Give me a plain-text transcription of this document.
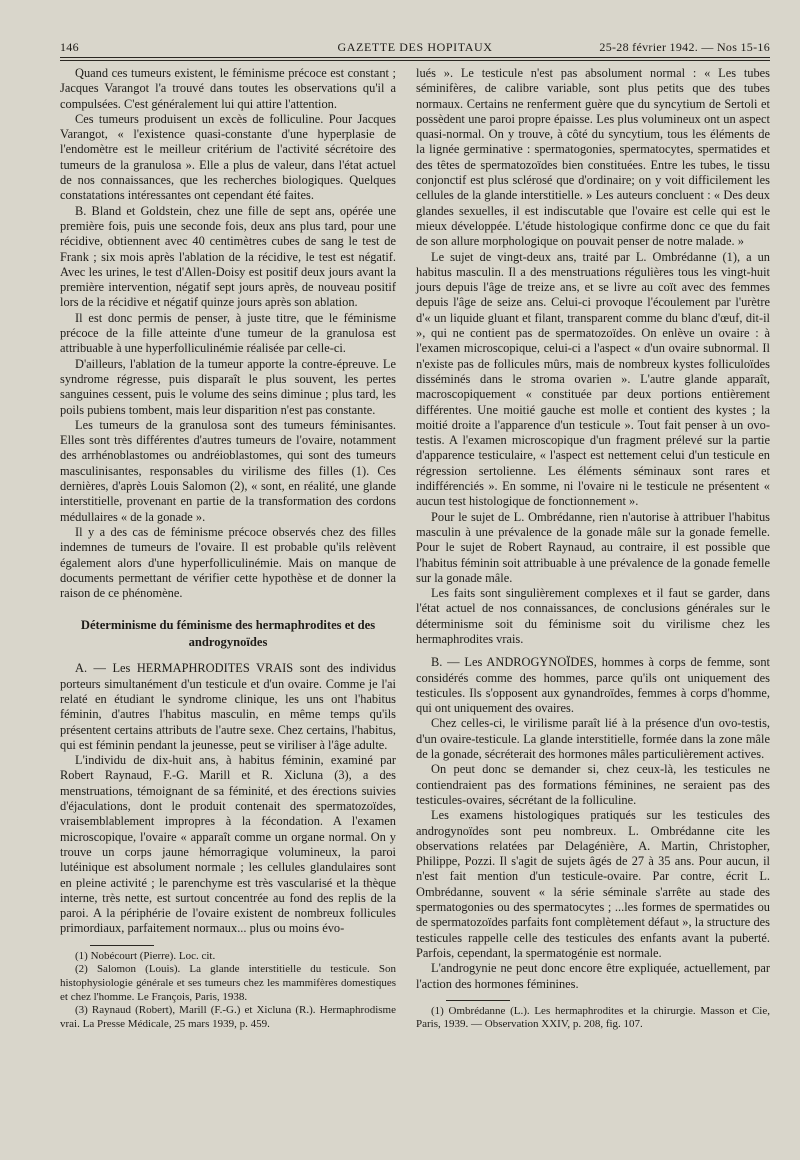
146	GAZETTE DES HOPITAUX	25-28 février 1942. — Nos 15-16

Quand ces tumeurs existent, le féminisme précoce est constant ; Jacques Varangot l'a trouvé dans toutes les observations qu'il a compulsées. C'est généralement lui qui attire l'attention.

Ces tumeurs produisent un excès de folliculine. Pour Jacques Varangot, « l'existence quasi-constante d'une hyperplasie de l'endomètre est le meilleur critérium de l'activité sécrétoire des tumeurs de la granulosa ». Elle a plus de valeur, dans l'état actuel de nos connaissances, que les recherches biologiques. Quelques constatations intéressantes ont cependant été faites.

B. Bland et Goldstein, chez une fille de sept ans, opérée une première fois, puis une seconde fois, deux ans plus tard, pour une récidive, obtiennent avec 40 centimètres cubes de sang le test de Frank ; six mois après l'ablation de la récidive, le test est négatif. Avec les urines, le test d'Allen-Doisy est positif deux jours avant la première intervention, négatif sept jours après, de nouveau positif lors de la récidive et négatif quinze jours après son ablation.

Il est donc permis de penser, à juste titre, que le féminisme précoce de la fille atteinte d'une tumeur de la granulosa est attribuable à une hyperfolliculinémie réalisée par celle-ci.

D'ailleurs, l'ablation de la tumeur apporte la contre-épreuve. Le syndrome régresse, puis disparaît le plus souvent, les pertes sanguines cessent, puis le volume des seins diminue ; plus tard, les poils pubiens tombent, mais leur disparition n'est pas constante.

Les tumeurs de la granulosa sont des tumeurs féminisantes. Elles sont très différentes d'autres tumeurs de l'ovaire, notamment des arrhénoblastomes ou andréioblastomes, qui sont des tumeurs masculinisantes, responsables du virilisme des filles (1). Ces dernières, d'après Louis Salomon (2), « sont, en réalité, une glande interstitielle, provenant en partie de la transformation des cordons médullaires « de la gonade ».

Il y a des cas de féminisme précoce observés chez des filles indemnes de tumeurs de l'ovaire. Il est probable qu'ils relèvent également alors d'une hyperfolliculinémie. Mais on manque de documents permettant de vérifier cette hypothèse et de donner la raison de ce phénomène.

Déterminisme du féminisme des hermaphrodites et des androgynoïdes

A. — Les HERMAPHRODITES VRAIS sont des individus porteurs simultanément d'un testicule et d'un ovaire. Comme je l'ai relaté en étudiant le syndrome clinique, les uns ont l'habitus féminin, d'autres l'habitus masculin, en même temps qu'ils présentent certains attributs de l'autre sexe. Chez certains, l'habitus, qui est féminin pendant la jeunesse, peut se viriliser à l'âge adulte.

L'individu de dix-huit ans, à habitus féminin, examiné par Robert Raynaud, F.-G. Marill et R. Xicluna (3), a des menstruations, témoignant de sa féminité, et des érections suivies d'éjaculations, dont le produit contenait des spermatozoïdes, vraisemblablement impropres à la fécondation. A l'examen microscopique, l'ovaire « apparaît comme un organe normal. On y trouve un corps jaune hémorragique volumineux, la paroi lutéinique est absolument normale ; les cellules glandulaires sont en pleine activité ; le parenchyme est très vascularisé et la thèque interne, très nette, est surtout concentrée au fond des replis de la paroi. A la périphérie de l'ovaire existent de nombreux follicules primordiaux, parfaitement normaux... plus ou moins évo-

(1) Nobécourt (Pierre). Loc. cit.

(2) Salomon (Louis). La glande interstitielle du testicule. Son histophysiologie générale et ses tumeurs chez les mammifères domestiques et chez l'homme. Le François, Paris, 1938.

(3) Raynaud (Robert), Marill (F.-G.) et Xicluna (R.). Hermaphrodisme vrai. La Presse Médicale, 25 mars 1939, p. 459.

lués ». Le testicule n'est pas absolument normal : « Les tubes séminifères, de calibre variable, sont plus petits que des tubes normaux. Certains ne renferment guère que du syncytium de Sertoli et possèdent une paroi propre épaisse. Les plus volumineux ont un aspect quasi-normal. On y trouve, à côté du syncytium, tous les éléments de la lignée germinative : spermatogonies, spermatocytes, spermatides et des têtes de spermatozoïdes bien constituées. Entre les tubes, le tissu conjonctif est plus sclérosé que d'ordinaire; on y voit difficilement les cellules de la glande interstitielle. » Les auteurs concluent : « Des deux glandes sexuelles, il est indiscutable que l'ovaire est celle qui est le mieux développée. L'étude histologique confirme donc ce que du fait de son allure morphologique on pouvait penser de notre malade. »

Le sujet de vingt-deux ans, traité par L. Ombrédanne (1), a un habitus masculin. Il a des menstruations régulières tous les vingt-huit jours depuis l'âge de treize ans, et se livre au coït avec des femmes depuis l'âge de seize ans. Celui-ci provoque l'écoulement par l'urètre d'« un liquide gluant et filant, transparent comme du blanc d'œuf, dit-il », qui ne contient pas de spermatozoïdes. On enlève un ovaire : à l'examen microscopique, celui-ci a l'aspect « d'un ovaire subnormal. Il n'existe pas de follicules mûrs, mais de nombreux kystes folliculoïdes disséminés dans le stroma ovarien ». L'autre glande apparaît, macroscopiquement « constituée par deux portions entièrement différentes. Une moitié gauche est molle et contient des kystes ; la moitié droite a l'apparence d'un testicule ». Tout fait penser à un ovo-testis. A l'examen microscopique d'un fragment prélevé sur la partie d'apparence testiculaire, « l'aspect est nettement celui d'un testicule en régression sertolienne. Les éléments séminaux sont rares et indifférenciés ». En somme, ni l'ovaire ni le testicule ne présentent « aucun test histologique de fonctionnement ».

Pour le sujet de L. Ombrédanne, rien n'autorise à attribuer l'habitus masculin à une prévalence de la gonade mâle sur la gonade femelle. Pour le sujet de Robert Raynaud, au contraire, il est possible que l'habitus féminin soit attribuable à une prévalence de la gonade femelle sur la gonade mâle.

Les faits sont singulièrement complexes et il faut se garder, dans l'état actuel de nos connaissances, de conclusions générales sur le déterminisme soit du féminisme soit du virilisme chez les hermaphrodites vrais.

B. — Les ANDROGYNOÏDES, hommes à corps de femme, sont considérés comme des hommes, parce qu'ils ont uniquement des testicules. Ils s'opposent aux gynandroïdes, femmes à corps d'homme, qui ont uniquement des ovaires.

Chez celles-ci, le virilisme paraît lié à la présence d'un ovo-testis, d'un ovaire-testicule. La glande interstitielle, formée dans la zone mâle de la gonade, sécréterait des hormones mâles particulièrement actives.

On peut donc se demander si, chez ceux-là, les testicules ne contiendraient pas des formations féminines, ne seraient pas des testicules-ovaires, sécrétant de la folliculine.

Les examens histologiques pratiqués sur les testicules des androgynoïdes sont peu nombreux. L. Ombrédanne cite les observations relatées par Delagénière, A. Martin, Christopher, Philippe, Pozzi. Il s'agit de sujets âgés de 27 à 35 ans. Pour aucun, il n'est fait mention d'un testicule-ovaire. Par contre, écrit L. Ombrédanne, souvent « la série séminale s'arrête au stade des spermatogonies ou des spermatocytes ; ...les formes de spermatides ou de spermatozoïdes parfaits font complètement défaut », la structure des testicules rappelle celle des testicules des enfants avant la puberté. Parfois, cependant, la spermatogénie est normale.

L'androgynie ne peut donc encore être expliquée, actuellement, par l'action des hormones féminines.

(1) Ombrédanne (L.). Les hermaphrodites et la chirurgie. Masson et Cie, Paris, 1939. — Observation XXIV, p. 208, fig. 107.
